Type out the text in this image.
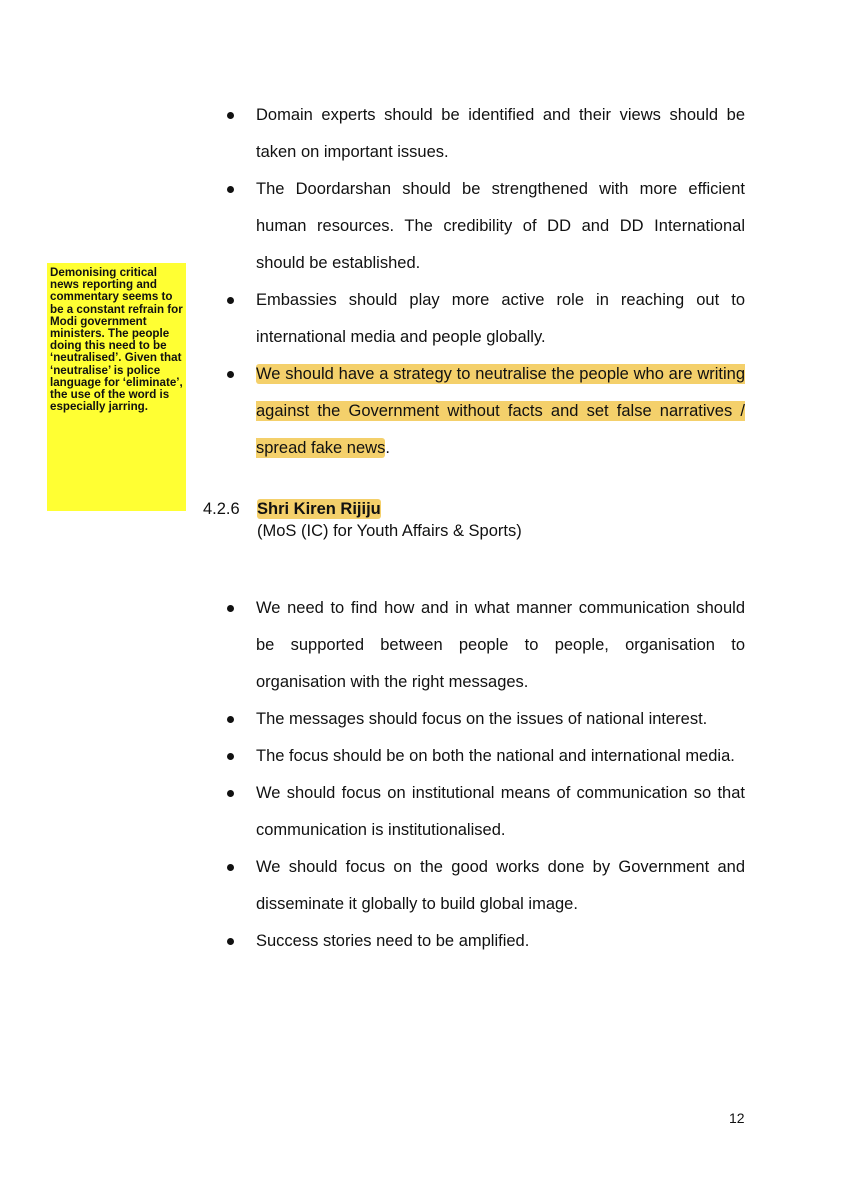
Demonising critical news reporting and commentary seems to be a constant refrain for Modi government ministers. The people doing this need to be ‘neutralised’. Given that ‘neutralise’ is police language for ‘eliminate’, the use of the word is especially jarring.
Domain experts should be identified and their views should be taken on important issues.
The Doordarshan should be strengthened with more efficient human resources. The credibility of DD and DD International should be established.
Embassies should play more active role in reaching out to international media and people globally.
We should have a strategy to neutralise the people who are writing against the Government without facts and set false narratives / spread fake news.
4.2.6 Shri Kiren Rijiju
(MoS (IC) for Youth Affairs & Sports)
We need to find how and in what manner communication should be supported between people to people, organisation to organisation with the right messages.
The messages should focus on the issues of national interest.
The focus should be on both the national and international media.
We should focus on institutional means of communication so that communication is institutionalised.
We should focus on the good works done by Government and disseminate it globally to build global image.
Success stories need to be amplified.
12
